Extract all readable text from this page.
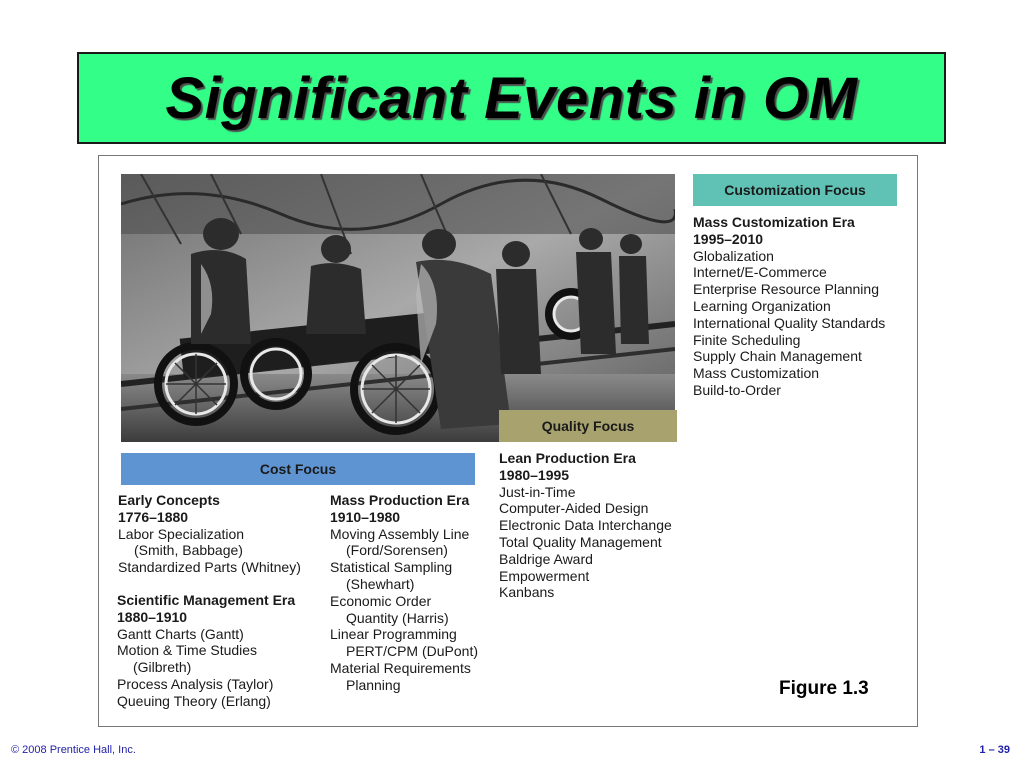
Significant Events in OM
Customization Focus
Quality Focus
Cost Focus
Mass Customization Era
1995–2010
Globalization
Internet/E-Commerce
Enterprise Resource Planning
Learning Organization
International Quality Standards
Finite Scheduling
Supply Chain Management
Mass Customization
Build-to-Order
Lean Production Era
1980–1995
Just-in-Time
Computer-Aided Design
Electronic Data Interchange
Total Quality Management
Baldrige Award
Empowerment
Kanbans
Early Concepts
1776–1880
Labor Specialization
(Smith, Babbage)
Standardized Parts (Whitney)
Scientific Management Era
1880–1910
Gantt Charts (Gantt)
Motion & Time Studies
(Gilbreth)
Process Analysis (Taylor)
Queuing Theory (Erlang)
Mass Production Era
1910–1980
Moving Assembly Line
(Ford/Sorensen)
Statistical Sampling
(Shewhart)
Economic Order
Quantity (Harris)
Linear Programming
PERT/CPM (DuPont)
Material Requirements
Planning	Figure 1.3
© 2008 Prentice Hall, Inc.	1 – 39
